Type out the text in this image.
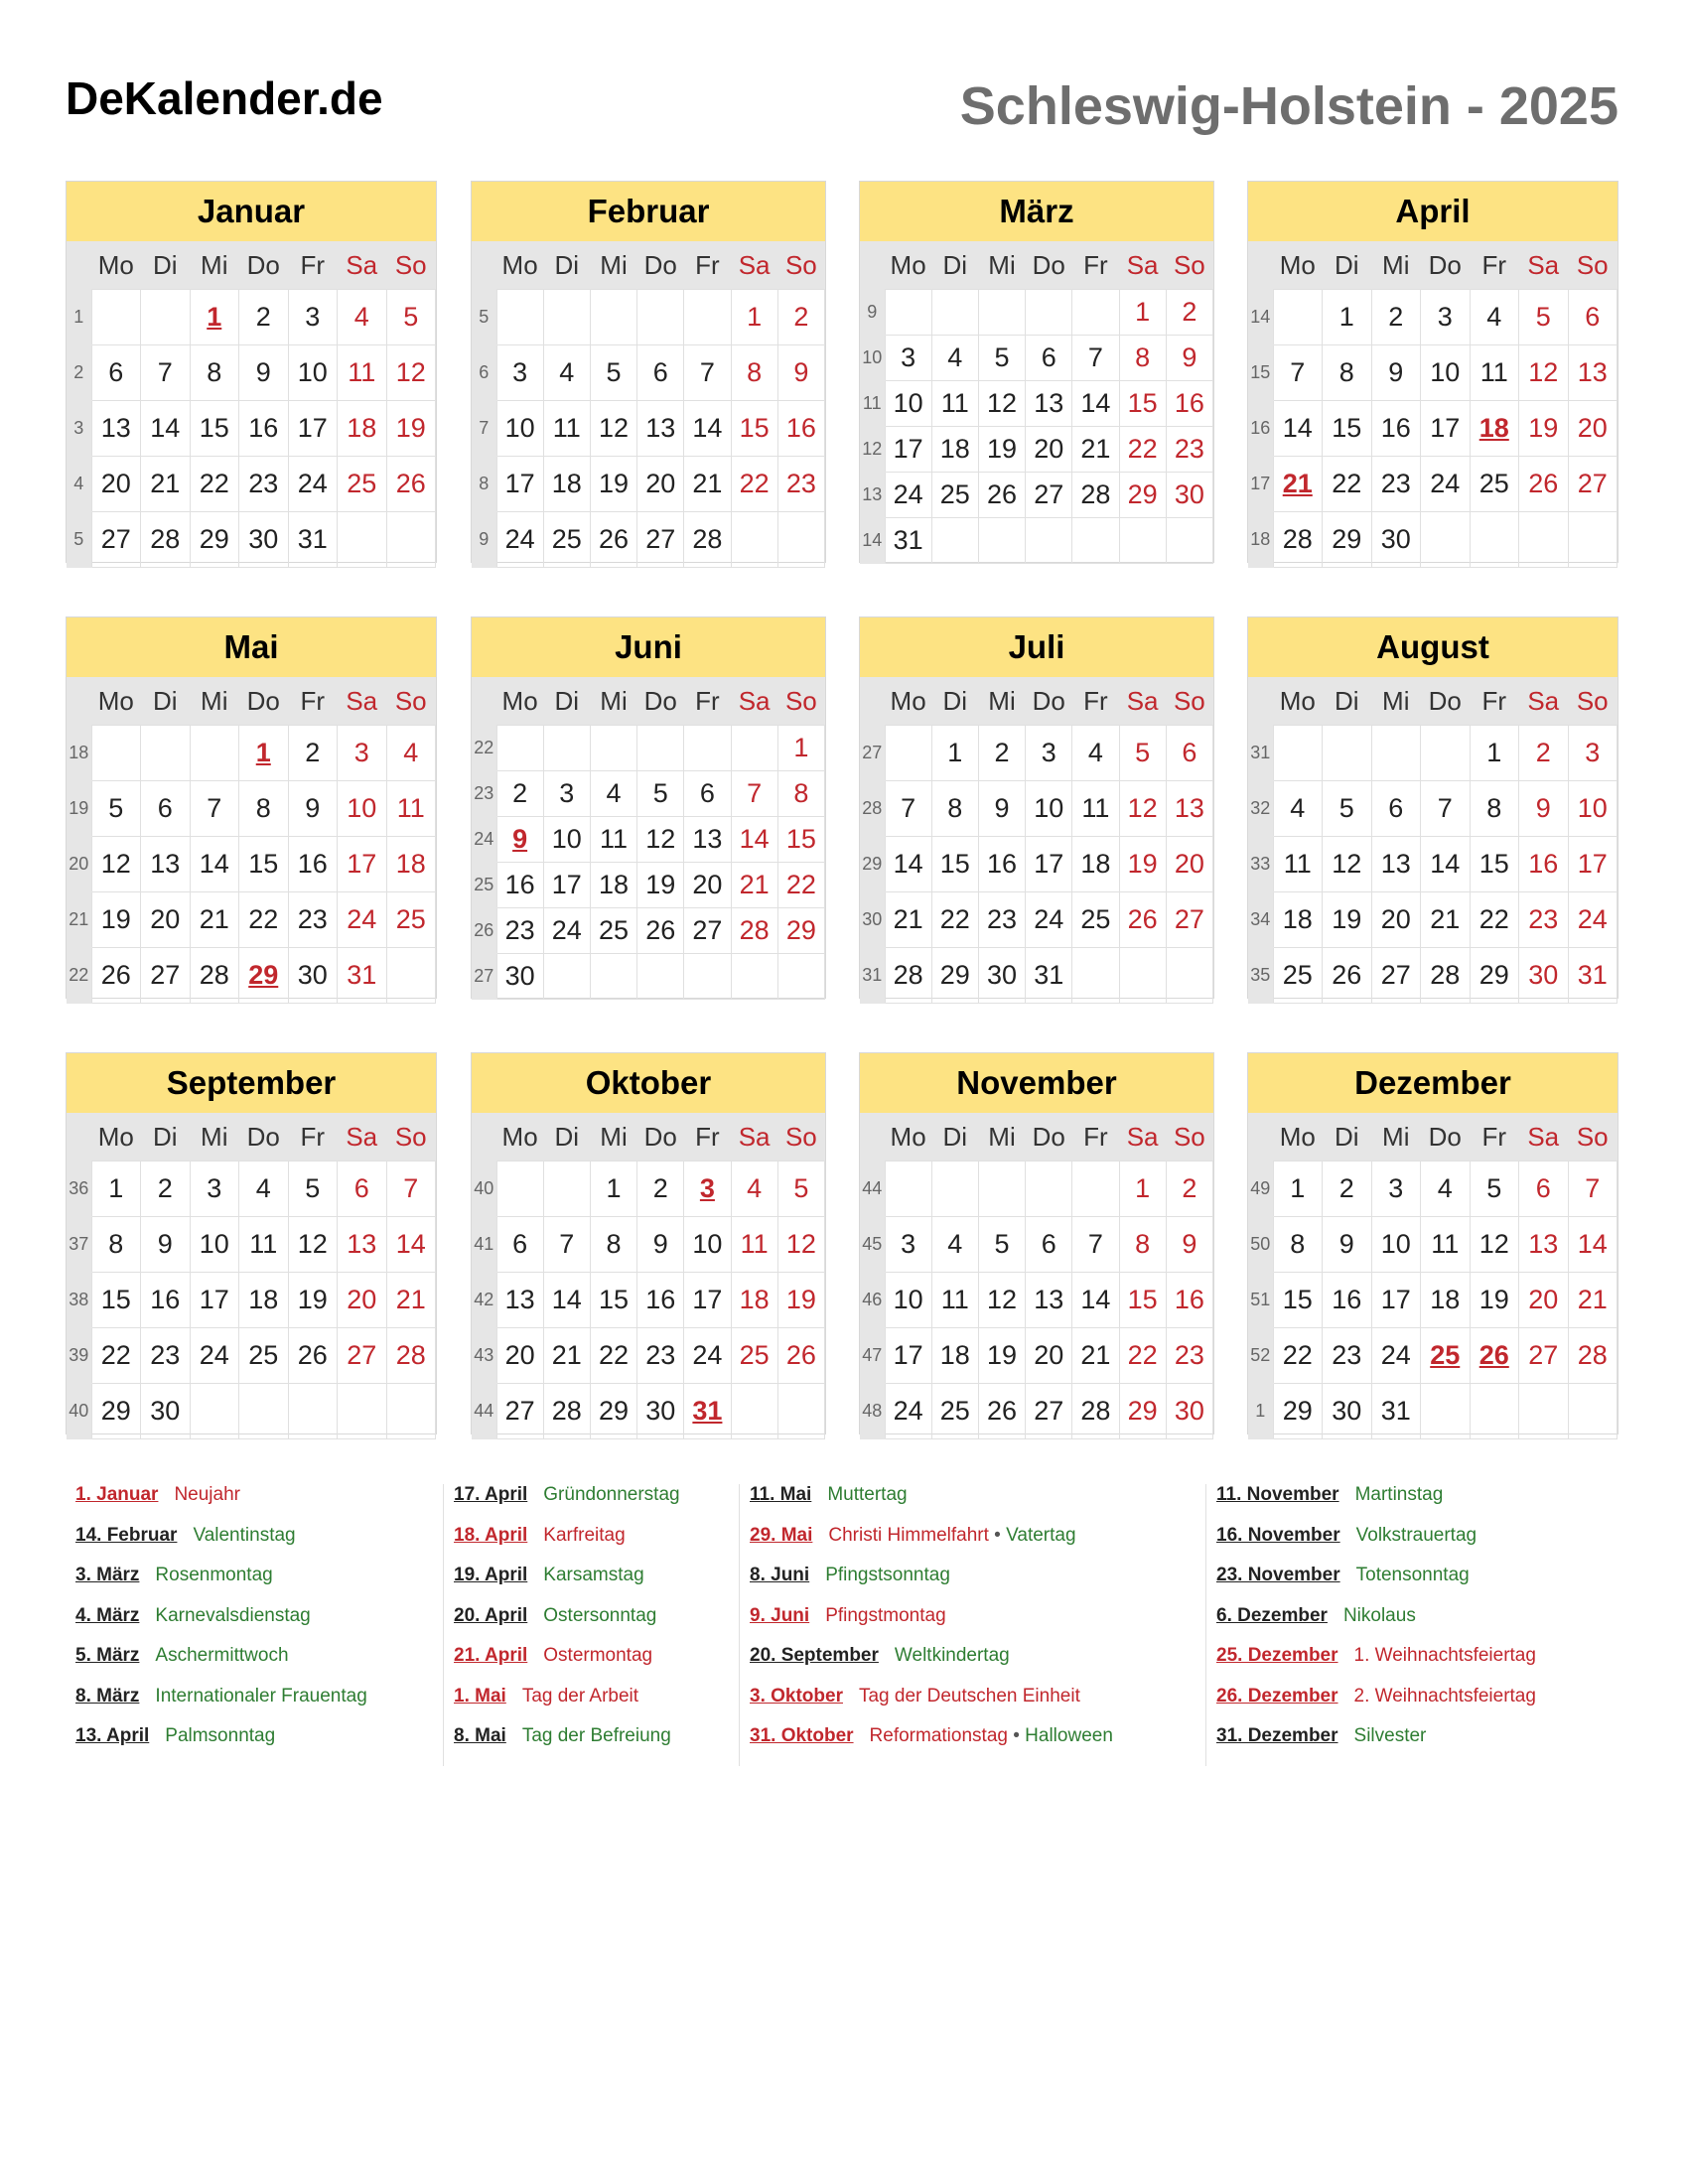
DeKalender.de	Schleswig-Holstein - 2025
Januar
	Mo	Di	Mi	Do	Fr	Sa	So
1			1	2	3	4	5
2	6	7	8	9	10	11	12
3	13	14	15	16	17	18	19
4	20	21	22	23	24	25	26
5	27	28	29	30	31		
Februar
	Mo	Di	Mi	Do	Fr	Sa	So
5						1	2
6	3	4	5	6	7	8	9
7	10	11	12	13	14	15	16
8	17	18	19	20	21	22	23
9	24	25	26	27	28		
März
	Mo	Di	Mi	Do	Fr	Sa	So
9						1	2
10	3	4	5	6	7	8	9
11	10	11	12	13	14	15	16
12	17	18	19	20	21	22	23
13	24	25	26	27	28	29	30
14	31						
April
	Mo	Di	Mi	Do	Fr	Sa	So
14		1	2	3	4	5	6
15	7	8	9	10	11	12	13
16	14	15	16	17	18	19	20
17	21	22	23	24	25	26	27
18	28	29	30				
Mai
	Mo	Di	Mi	Do	Fr	Sa	So
18				1	2	3	4
19	5	6	7	8	9	10	11
20	12	13	14	15	16	17	18
21	19	20	21	22	23	24	25
22	26	27	28	29	30	31	
Juni
	Mo	Di	Mi	Do	Fr	Sa	So
22							1
23	2	3	4	5	6	7	8
24	9	10	11	12	13	14	15
25	16	17	18	19	20	21	22
26	23	24	25	26	27	28	29
27	30						
Juli
	Mo	Di	Mi	Do	Fr	Sa	So
27		1	2	3	4	5	6
28	7	8	9	10	11	12	13
29	14	15	16	17	18	19	20
30	21	22	23	24	25	26	27
31	28	29	30	31			
August
	Mo	Di	Mi	Do	Fr	Sa	So
31					1	2	3
32	4	5	6	7	8	9	10
33	11	12	13	14	15	16	17
34	18	19	20	21	22	23	24
35	25	26	27	28	29	30	31
September
	Mo	Di	Mi	Do	Fr	Sa	So
36	1	2	3	4	5	6	7
37	8	9	10	11	12	13	14
38	15	16	17	18	19	20	21
39	22	23	24	25	26	27	28
40	29	30					
Oktober
	Mo	Di	Mi	Do	Fr	Sa	So
40			1	2	3	4	5
41	6	7	8	9	10	11	12
42	13	14	15	16	17	18	19
43	20	21	22	23	24	25	26
44	27	28	29	30	31		
November
	Mo	Di	Mi	Do	Fr	Sa	So
44						1	2
45	3	4	5	6	7	8	9
46	10	11	12	13	14	15	16
47	17	18	19	20	21	22	23
48	24	25	26	27	28	29	30
Dezember
	Mo	Di	Mi	Do	Fr	Sa	So
49	1	2	3	4	5	6	7
50	8	9	10	11	12	13	14
51	15	16	17	18	19	20	21
52	22	23	24	25	26	27	28
1	29	30	31				
1. Januar Neujahr
14. Februar Valentinstag
3. März Rosenmontag
4. März Karnevalsdienstag
5. März Aschermittwoch
8. März Internationaler Frauentag
13. April Palmsonntag
17. April Gründonnerstag
18. April Karfreitag
19. April Karsamstag
20. April Ostersonntag
21. April Ostermontag
1. Mai Tag der Arbeit
8. Mai Tag der Befreiung
11. Mai Muttertag
29. Mai Christi Himmelfahrt • Vatertag
8. Juni Pfingstsonntag
9. Juni Pfingstmontag
20. September Weltkindertag
3. Oktober Tag der Deutschen Einheit
31. Oktober Reformationstag • Halloween
11. November Martinstag
16. November Volkstrauertag
23. November Totensonntag
6. Dezember Nikolaus
25. Dezember 1. Weihnachtsfeiertag
26. Dezember 2. Weihnachtsfeiertag
31. Dezember Silvester
